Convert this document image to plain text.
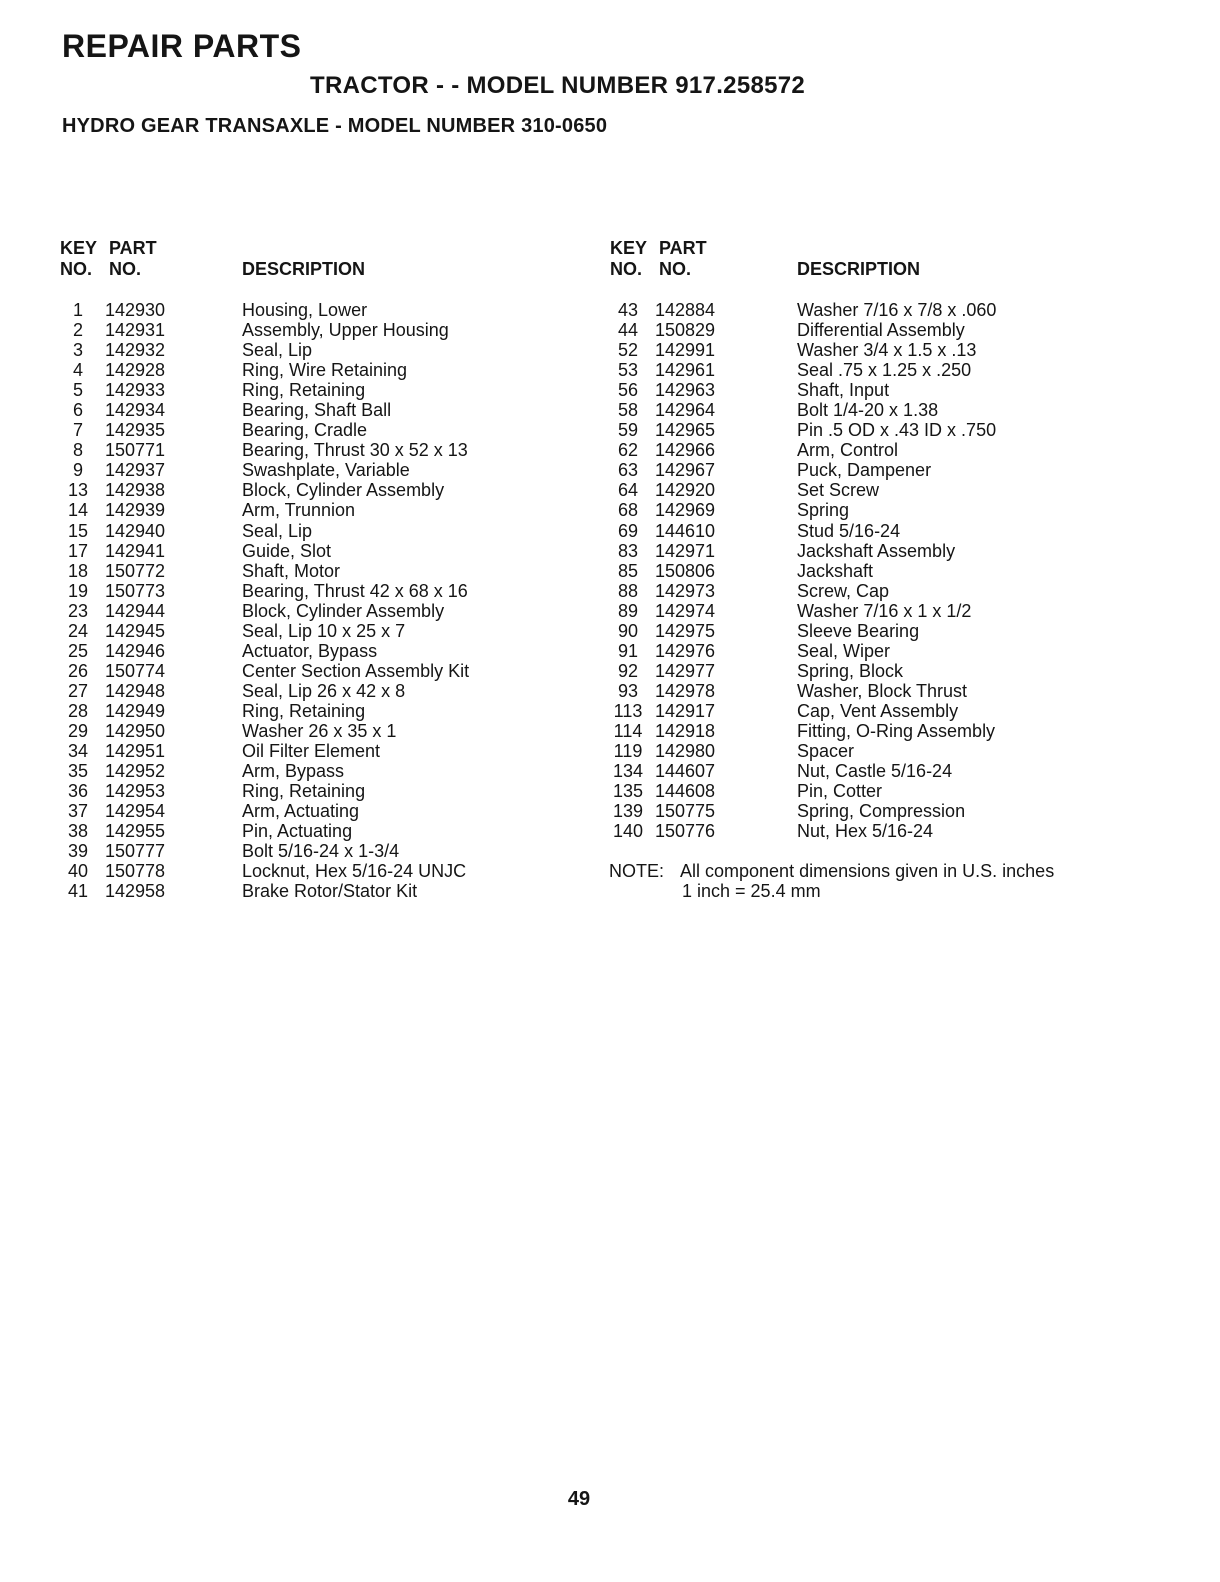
REPAIR PARTS
TRACTOR - - MODEL NUMBER 917.258572
HYDRO GEAR TRANSAXLE - MODEL NUMBER 310-0650
KEY PART
NO. NO.	DESCRIPTION
1	142930	Housing, Lower
2	142931	Assembly, Upper Housing
3	142932	Seal, Lip
4	142928	Ring, Wire Retaining
5	142933	Ring, Retaining
6	142934	Bearing, Shaft Ball
7	142935	Bearing, Cradle
8	150771	Bearing, Thrust 30 x 52 x 13
9	142937	Swashplate, Variable
13 142938	Block, Cylinder Assembly
14 142939	Arm, Trunnion
15 142940	Seal, Lip
17 142941	Guide, Slot
18 150772	Shaft, Motor
19 150773	Bearing, Thrust 42 x 68 x 16
23 142944	Block, Cylinder Assembly
24 142945	Seal, Lip 10 x 25 x 7
25 142946	Actuator, Bypass
26 150774	Center Section Assembly Kit
27 142948	Seal, Lip 26 x 42 x 8
28 142949	Ring, Retaining
29 142950	Washer 26 x 35 x 1
34 142951	Oil Filter Element
35 142952	Arm, Bypass
36 142953	Ring, Retaining
37 142954	Arm, Actuating
38 142955	Pin, Actuating
39 150777	Bolt 5/16-24 x 1-3/4
40 150778	Locknut, Hex 5/16-24 UNJC
41 142958	Brake Rotor/Stator Kit
KEY PART
NO. NO.	DESCRIPTION
43 142884	Washer 7/16 x 7/8 x .060
44 150829	Differential Assembly
52 142991	Washer 3/4 x 1.5 x .13
53 142961	Seal .75 x 1.25 x .250
56 142963	Shaft, Input
58 142964	Bolt 1/4-20 x 1.38
59 142965	Pin .5 OD x .43 ID x .750
62 142966	Arm, Control
63 142967	Puck, Dampener
64 142920	Set Screw
68 142969	Spring
69 144610	Stud 5/16-24
83 142971	Jackshaft Assembly
85 150806	Jackshaft
88 142973	Screw, Cap
89 142974	Washer 7/16 x 1 x 1/2
90 142975	Sleeve Bearing
91 142976	Seal, Wiper
92 142977	Spring, Block
93 142978	Washer, Block Thrust
113 142917	Cap, Vent Assembly
114 142918	Fitting, O-Ring Assembly
119 142980	Spacer
134 144607	Nut, Castle 5/16-24
135 144608	Pin, Cotter
139 150775	Spring, Compression
140 150776	Nut, Hex 5/16-24
NOTE: All component dimensions given in U.S. inches
1 inch = 25.4 mm
49
